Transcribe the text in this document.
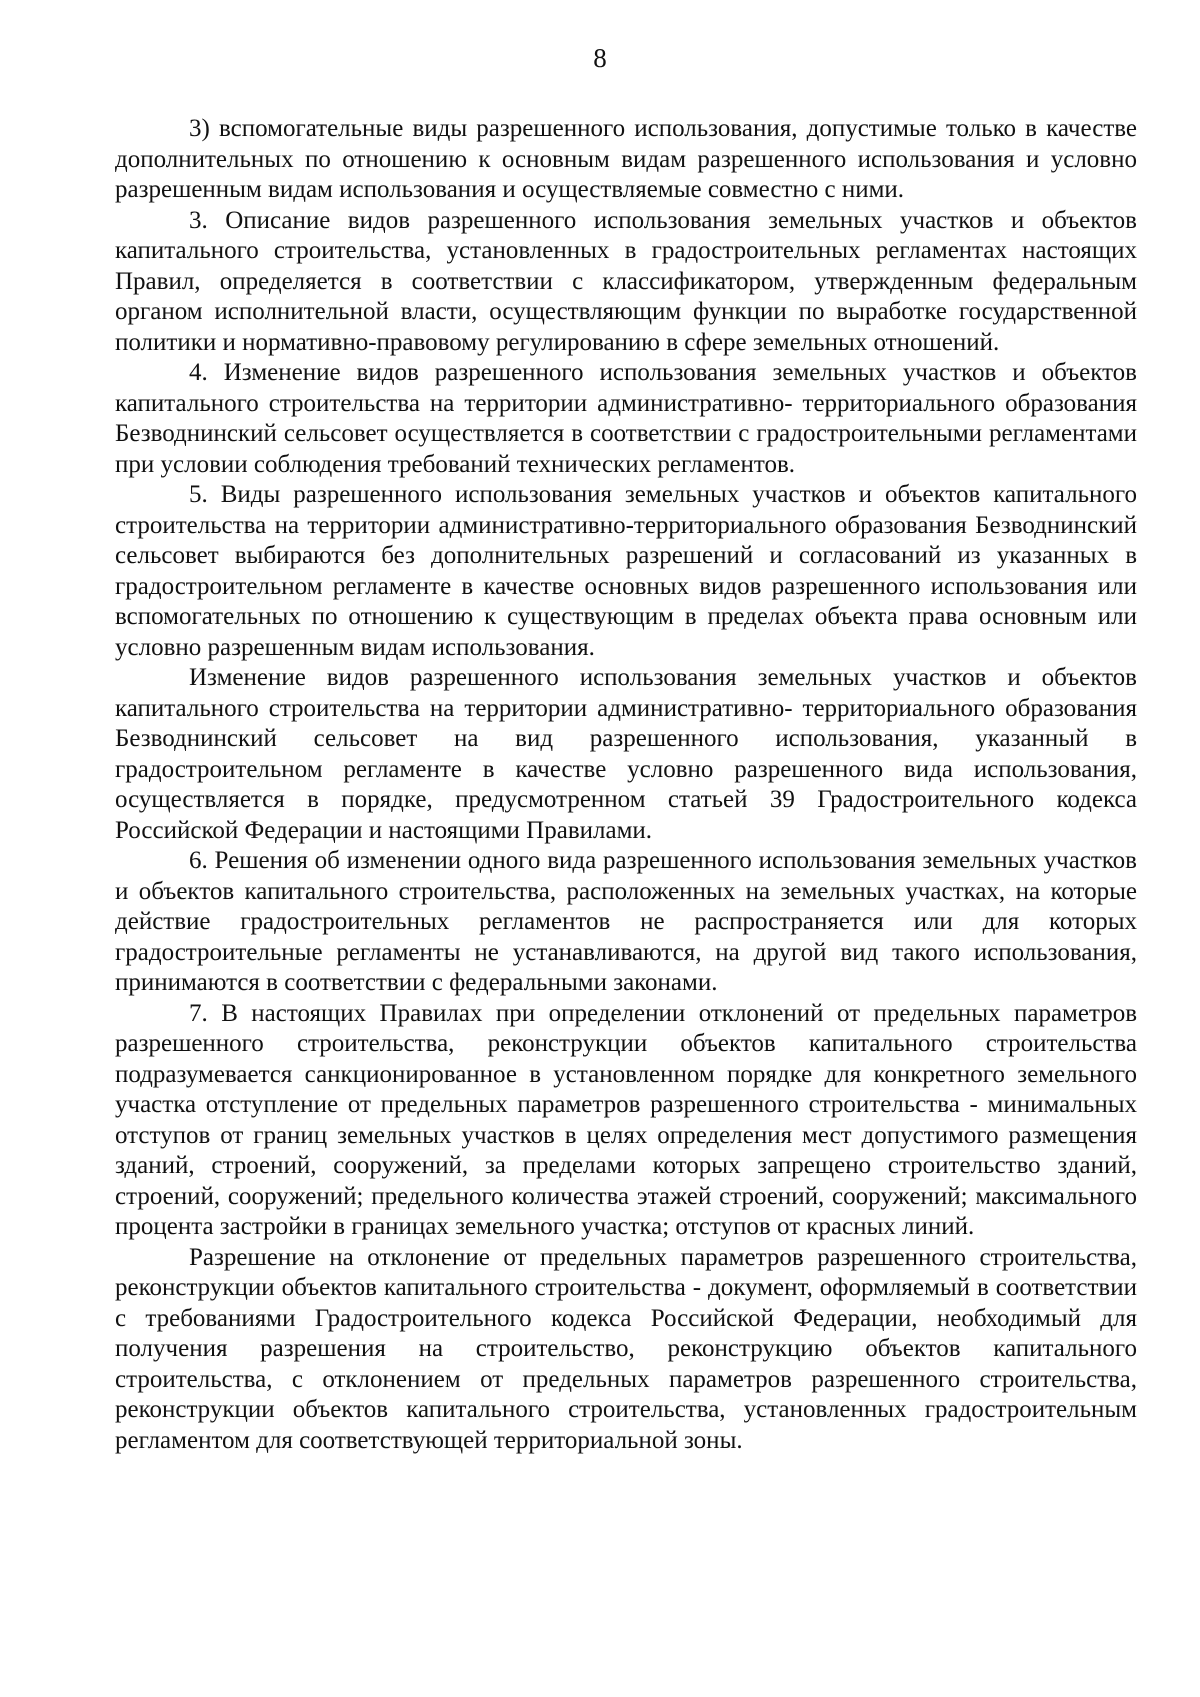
8

3) вспомогательные виды разрешенного использования, допустимые только в качестве дополнительных по отношению к основным видам разрешенного использования и условно разрешенным видам использования и осуществляемые совместно с ними.

3. Описание видов разрешенного использования земельных участков и объектов капитального строительства, установленных в градостроительных регламентах настоящих Правил, определяется в соответствии с классификатором, утвержденным федеральным органом исполнительной власти, осуществляющим функции по выработке государственной политики и нормативно-правовому регулированию в сфере земельных отношений.

4. Изменение видов разрешенного использования земельных участков и объектов капитального строительства на территории административно- территориального образования Безводнинский сельсовет осуществляется в соответствии с градостроительными регламентами при условии соблюдения требований технических регламентов.

5. Виды разрешенного использования земельных участков и объектов капитального строительства на территории административно-территориального образования Безводнинский сельсовет выбираются без дополнительных разрешений и согласований из указанных в градостроительном регламенте в качестве основных видов разрешенного использования или вспомогательных по отношению к существующим в пределах объекта права основным или условно разрешенным видам использования.

Изменение видов разрешенного использования земельных участков и объектов капитального строительства на территории административно- территориального образования Безводнинский сельсовет на вид разрешенного использования, указанный в градостроительном регламенте в качестве условно разрешенного вида использования, осуществляется в порядке, предусмотренном статьей 39 Градостроительного кодекса Российской Федерации и настоящими Правилами.

6. Решения об изменении одного вида разрешенного использования земельных участков и объектов капитального строительства, расположенных на земельных участках, на которые действие градостроительных регламентов не распространяется или для которых градостроительные регламенты не устанавливаются, на другой вид такого использования, принимаются в соответствии с федеральными законами.

7. В настоящих Правилах при определении отклонений от предельных параметров разрешенного строительства, реконструкции объектов капитального строительства подразумевается санкционированное в установленном порядке для конкретного земельного участка отступление от предельных параметров разрешенного строительства - минимальных отступов от границ земельных участков в целях определения мест допустимого размещения зданий, строений, сооружений, за пределами которых запрещено строительство зданий, строений, сооружений; предельного количества этажей строений, сооружений; максимального процента застройки в границах земельного участка; отступов от красных линий.

Разрешение на отклонение от предельных параметров разрешенного строительства, реконструкции объектов капитального строительства - документ, оформляемый в соответствии с требованиями Градостроительного кодекса Российской Федерации, необходимый для получения разрешения на строительство, реконструкцию объектов капитального строительства, с отклонением от предельных параметров разрешенного строительства, реконструкции объектов капитального строительства, установленных градостроительным регламентом для соответствующей территориальной зоны.
